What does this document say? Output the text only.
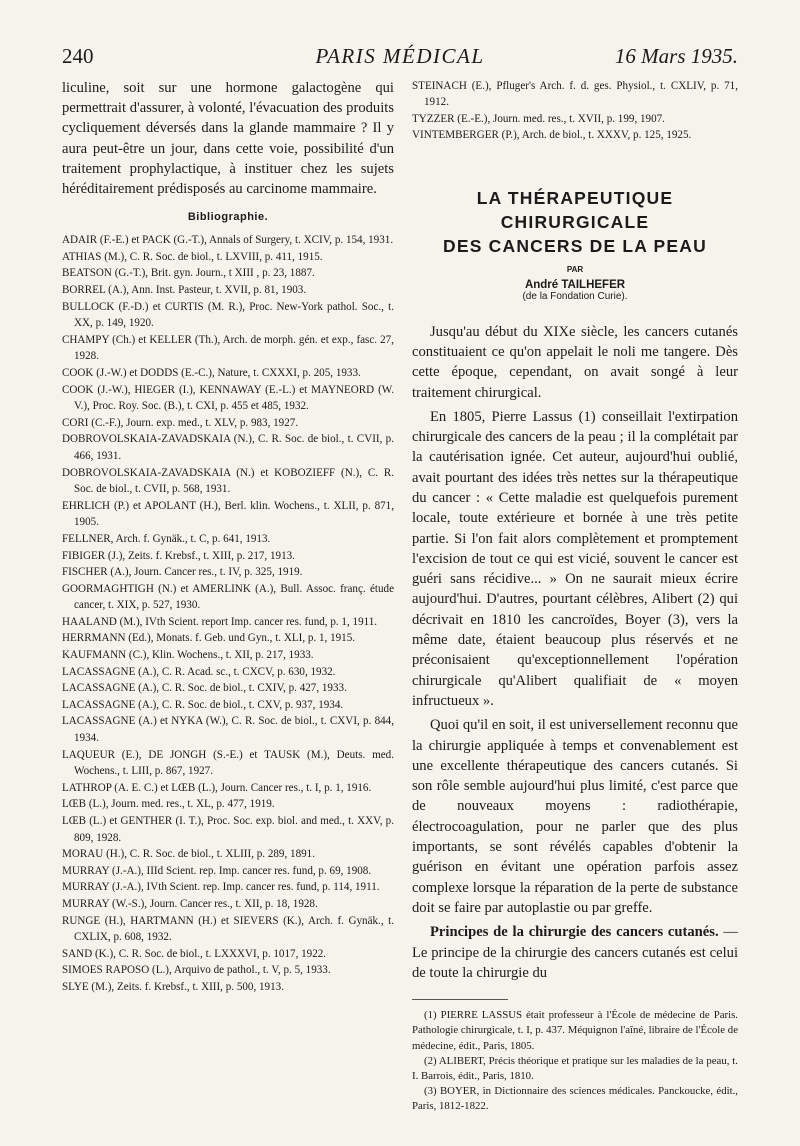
240	PARIS MÉDICAL	16 Mars 1935.

liculine, soit sur une hormone galactogène qui permettrait d'assurer, à volonté, l'évacuation des produits cycliquement déversés dans la glande mammaire ? Il y aura peut-être un jour, dans cette voie, possibilité d'un traitement prophylactique, à instituer chez les sujets héréditairement prédisposés au carcinome mammaire.

Bibliographie.
ADAIR (F.-E.) et PACK (G.-T.), Annals of Surgery, t. XCIV, p. 154, 1931.
ATHIAS (M.), C. R. Soc. de biol., t. LXVIII, p. 411, 1915.
BEATSON (G.-T.), Brit. gyn. Journ., t XIII , p. 23, 1887.
BORREL (A.), Ann. Inst. Pasteur, t. XVII, p. 81, 1903.
BULLOCK (F.-D.) et CURTIS (M. R.), Proc. New-York pathol. Soc., t. XX, p. 149, 1920.
CHAMPY (Ch.) et KELLER (Th.), Arch. de morph. gén. et exp., fasc. 27, 1928.
COOK (J.-W.) et DODDS (E.-C.), Nature, t. CXXXI, p. 205, 1933.
COOK (J.-W.), HIEGER (I.), KENNAWAY (E.-L.) et MAYNEORD (W. V.), Proc. Roy. Soc. (B.), t. CXI, p. 455 et 485, 1932.
CORI (C.-F.), Journ. exp. med., t. XLV, p. 983, 1927.
DOBROVOLSKAIA-ZAVADSKAIA (N.), C. R. Soc. de biol., t. CVII, p. 466, 1931.
DOBROVOLSKAIA-ZAVADSKAIA (N.) et KOBOZIEFF (N.), C. R. Soc. de biol., t. CVII, p. 568, 1931.
EHRLICH (P.) et APOLANT (H.), Berl. klin. Wochens., t. XLII, p. 871, 1905.
FELLNER, Arch. f. Gynäk., t. C, p. 641, 1913.
FIBIGER (J.), Zeits. f. Krebsf., t. XIII, p. 217, 1913.
FISCHER (A.), Journ. Cancer res., t. IV, p. 325, 1919.
GOORMAGHTIGH (N.) et AMERLINK (A.), Bull. Assoc. franç. étude cancer, t. XIX, p. 527, 1930.
HAALAND (M.), IVth Scient. report Imp. cancer res. fund, p. 1, 1911.
HERRMANN (Ed.), Monats. f. Geb. und Gyn., t. XLI, p. 1, 1915.
KAUFMANN (C.), Klin. Wochens., t. XII, p. 217, 1933.
LACASSAGNE (A.), C. R. Acad. sc., t. CXCV, p. 630, 1932.
LACASSAGNE (A.), C. R. Soc. de biol., t. CXIV, p. 427, 1933.
LACASSAGNE (A.), C. R. Soc. de biol., t. CXV, p. 937, 1934.
LACASSAGNE (A.) et NYKA (W.), C. R. Soc. de biol., t. CXVI, p. 844, 1934.
LAQUEUR (E.), DE JONGH (S.-E.) et TAUSK (M.), Deuts. med. Wochens., t. LIII, p. 867, 1927.
LATHROP (A. E. C.) et LŒB (L.), Journ. Cancer res., t. I, p. 1, 1916.
LŒB (L.), Journ. med. res., t. XL, p. 477, 1919.
LŒB (L.) et GENTHER (I. T.), Proc. Soc. exp. biol. and med., t. XXV, p. 809, 1928.
MORAU (H.), C. R. Soc. de biol., t. XLIII, p. 289, 1891.
MURRAY (J.-A.), IIId Scient. rep. Imp. cancer res. fund, p. 69, 1908.
MURRAY (J.-A.), IVth Scient. rep. Imp. cancer res. fund, p. 114, 1911.
MURRAY (W.-S.), Journ. Cancer res., t. XII, p. 18, 1928.
RUNGE (H.), HARTMANN (H.) et SIEVERS (K.), Arch. f. Gynäk., t. CXLIX, p. 608, 1932.
SAND (K.), C. R. Soc. de biol., t. LXXXVI, p. 1017, 1922.
SIMOES RAPOSO (L.), Arquivo de pathol., t. V, p. 5, 1933.
SLYE (M.), Zeits. f. Krebsf., t. XIII, p. 500, 1913.
STEINACH (E.), Pfluger's Arch. f. d. ges. Physiol., t. CXLIV, p. 71, 1912.
TYZZER (E.-E.), Journ. med. res., t. XVII, p. 199, 1907.
VINTEMBERGER (P.), Arch. de biol., t. XXXV, p. 125, 1925.
LA THÉRAPEUTIQUE
CHIRURGICALE
DES CANCERS DE LA PEAU
PAR
André TAILHEFER
(de la Fondation Curie).

Jusqu'au début du XIXe siècle, les cancers cutanés constituaient ce qu'on appelait le noli me tangere. Dès cette époque, cependant, on avait songé à leur traitement chirurgical.

En 1805, Pierre Lassus (1) conseillait l'extirpation chirurgicale des cancers de la peau ; il la complétait par la cautérisation ignée. Cet auteur, aujourd'hui oublié, avait pourtant des idées très nettes sur la thérapeutique du cancer : « Cette maladie est quelquefois purement locale, toute extérieure et bornée à une très petite partie. Si l'on fait alors complètement et promptement l'excision de tout ce qui est vicié, souvent le cancer est guéri sans récidive... » On ne saurait mieux écrire aujourd'hui. D'autres, pourtant célèbres, Alibert (2) qui décrivait en 1810 les cancroïdes, Boyer (3), vers la même date, étaient beaucoup plus réservés et ne préconisaient qu'exceptionnellement l'opération chirurgicale qu'Alibert qualifiait de « moyen infructueux ».

Quoi qu'il en soit, il est universellement reconnu que la chirurgie appliquée à temps et convenablement est une excellente thérapeutique des cancers cutanés. Si son rôle semble aujourd'hui plus limité, c'est parce que de nouveaux moyens : radiothérapie, électrocoagulation, pour ne parler que des plus importants, se sont révélés capables d'obtenir la guérison en évitant une opération parfois assez complexe lorsque la réparation de la perte de substance doit se faire par autoplastie ou par greffe.

Principes de la chirurgie des cancers cutanés. — Le principe de la chirurgie des cancers cutanés est celui de toute la chirurgie du

(1) PIERRE LASSUS était professeur à l'École de médecine de Paris. Pathologie chirurgicale, t. I, p. 437. Méquignon l'aîné, libraire de l'École de médecine, édit., Paris, 1805.

(2) ALIBERT, Précis théorique et pratique sur les maladies de la peau, t. I. Barrois, édit., Paris, 1810.

(3) BOYER, in Dictionnaire des sciences médicales. Panckoucke, édit., Paris, 1812-1822.
